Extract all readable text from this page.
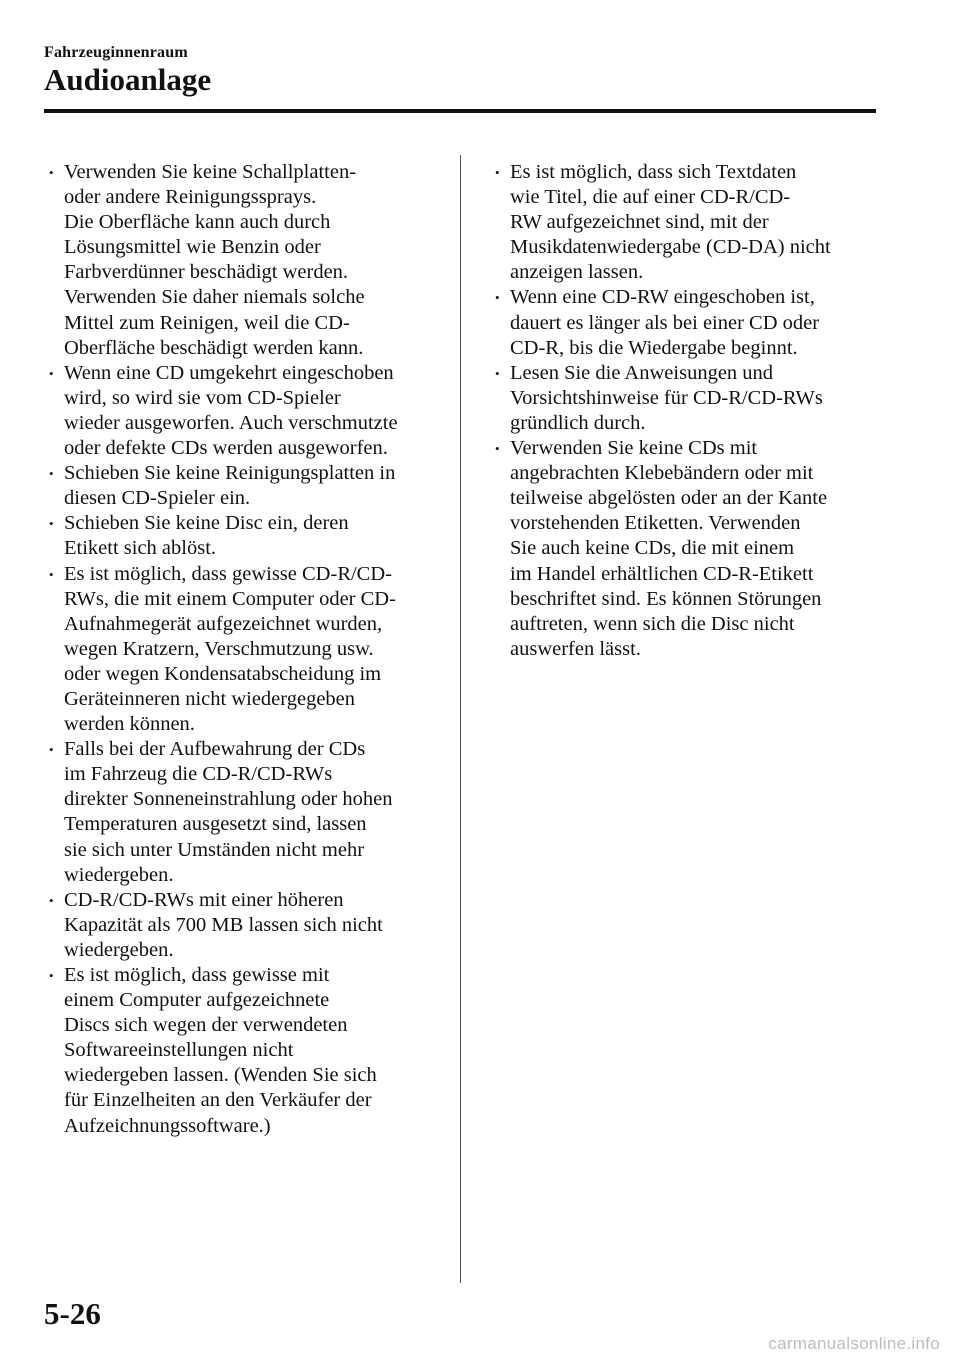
Fahrzeuginnenraum
Audioanlage
• Verwenden Sie keine Schallplatten-
oder andere Reinigungssprays.
Die Oberfläche kann auch durch
Lösungsmittel wie Benzin oder
Farbverdünner beschädigt werden.
Verwenden Sie daher niemals solche
Mittel zum Reinigen, weil die CD-
Oberfläche beschädigt werden kann.
• Wenn eine CD umgekehrt eingeschoben
wird, so wird sie vom CD-Spieler
wieder ausgeworfen. Auch verschmutzte
oder defekte CDs werden ausgeworfen.
• Schieben Sie keine Reinigungsplatten in
diesen CD-Spieler ein.
• Schieben Sie keine Disc ein, deren
Etikett sich ablöst.
• Es ist möglich, dass gewisse CD-R/CD-
RWs, die mit einem Computer oder CD-
Aufnahmegerät aufgezeichnet wurden,
wegen Kratzern, Verschmutzung usw.
oder wegen Kondensatabscheidung im
Geräteinneren nicht wiedergegeben
werden können.
• Falls bei der Aufbewahrung der CDs
im Fahrzeug die CD-R/CD-RWs
direkter Sonneneinstrahlung oder hohen
Temperaturen ausgesetzt sind, lassen
sie sich unter Umständen nicht mehr
wiedergeben.
• CD-R/CD-RWs mit einer höheren
Kapazität als 700 MB lassen sich nicht
wiedergeben.
• Es ist möglich, dass gewisse mit
einem Computer aufgezeichnete
Discs sich wegen der verwendeten
Softwareeinstellungen nicht
wiedergeben lassen. (Wenden Sie sich
für Einzelheiten an den Verkäufer der
Aufzeichnungssoftware.)
• Es ist möglich, dass sich Textdaten
wie Titel, die auf einer CD-R/CD-
RW aufgezeichnet sind, mit der
Musikdatenwiedergabe (CD-DA) nicht
anzeigen lassen.
• Wenn eine CD-RW eingeschoben ist,
dauert es länger als bei einer CD oder
CD-R, bis die Wiedergabe beginnt.
• Lesen Sie die Anweisungen und
Vorsichtshinweise für CD-R/CD-RWs
gründlich durch.
• Verwenden Sie keine CDs mit
angebrachten Klebebändern oder mit
teilweise abgelösten oder an der Kante
vorstehenden Etiketten. Verwenden
Sie auch keine CDs, die mit einem
im Handel erhältlichen CD-R-Etikett
beschriftet sind. Es können Störungen
auftreten, wenn sich die Disc nicht
auswerfen lässt.
5-26
carmanualsonline.info
